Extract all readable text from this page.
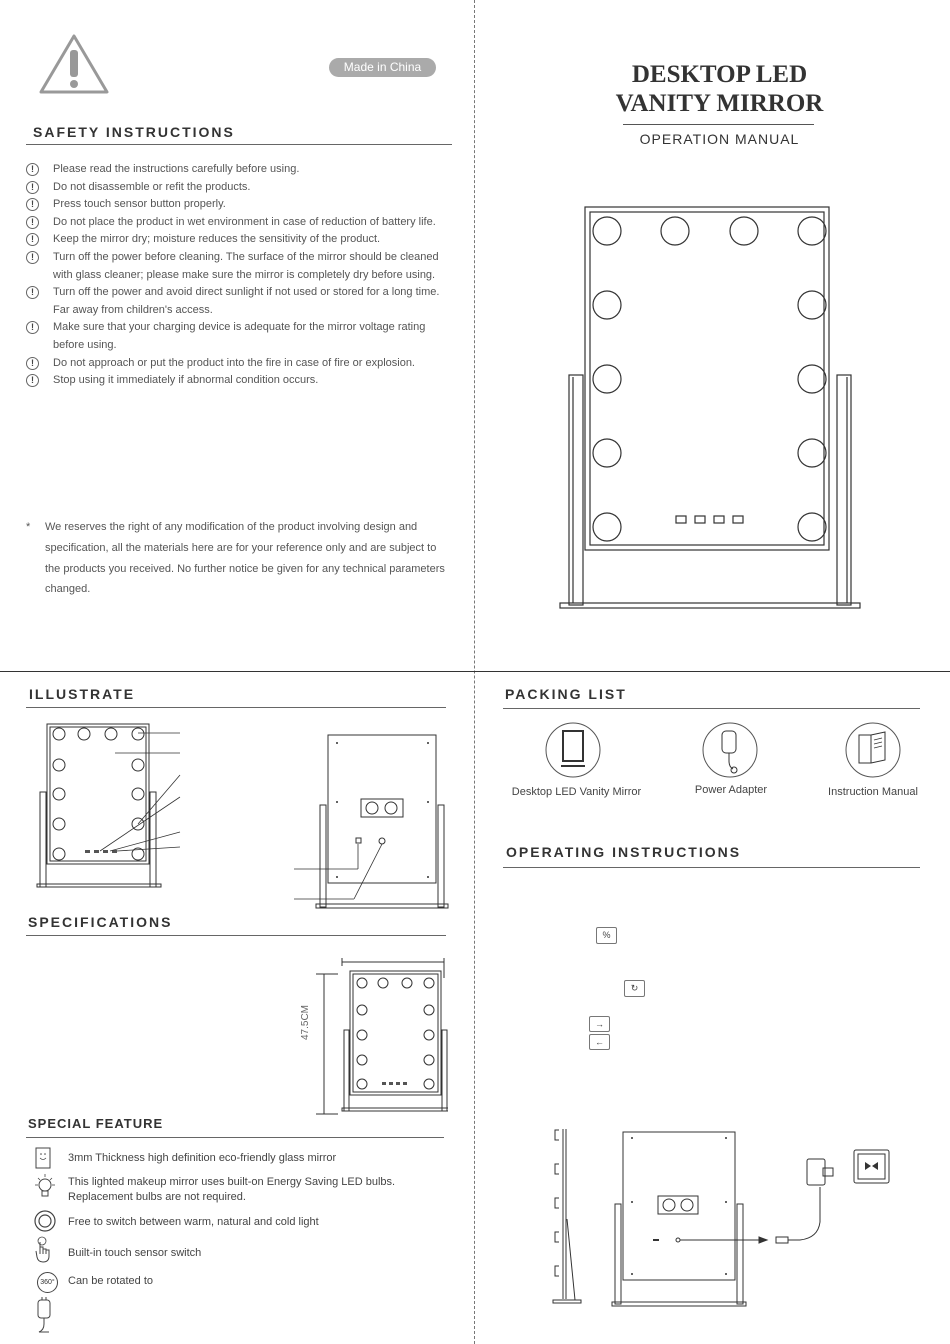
Made in China
SAFETY INSTRUCTIONS
!	Please read the instructions carefully before using.
!	Do not disassemble or refit the products.
!	Press touch sensor button properly.
!	Do not place the product in wet environment in case of reduction of battery life.
!	Keep the mirror dry; moisture reduces the sensitivity of the product.
!	Turn off the power before cleaning. The surface of the mirror should be cleaned with glass cleaner; please make sure the mirror is completely dry before using.
!	Turn off the power and avoid direct sunlight if not used or stored for a long time. Far away from children's access.
!	Make sure that your charging device is adequate for the mirror voltage rating before using.
!	Do not approach or put the product into the fire in case of fire or explosion.
!	Stop using it immediately if abnormal condition occurs.
*	We reserves the right of any modification of the product involving design and specification, all the materials here are for your reference only and are subject to the products you received. No further notice be given for any technical parameters changed.
DESKTOP LED
VANITY MIRROR
OPERATION MANUAL
ILLUSTRATE
SPECIFICATIONS
47.5CM
SPECIAL FEATURE
360°
3mm Thickness high definition eco-friendly glass mirror
This lighted makeup mirror uses built-on Energy Saving LED bulbs. Replacement bulbs are not required.
Free to switch between warm, natural and cold light
Built-in touch sensor switch
Can be rotated to
PACKING LIST
Desktop LED Vanity Mirror	Power Adapter	Instruction Manual
OPERATING INSTRUCTIONS
%
↻
→
←
